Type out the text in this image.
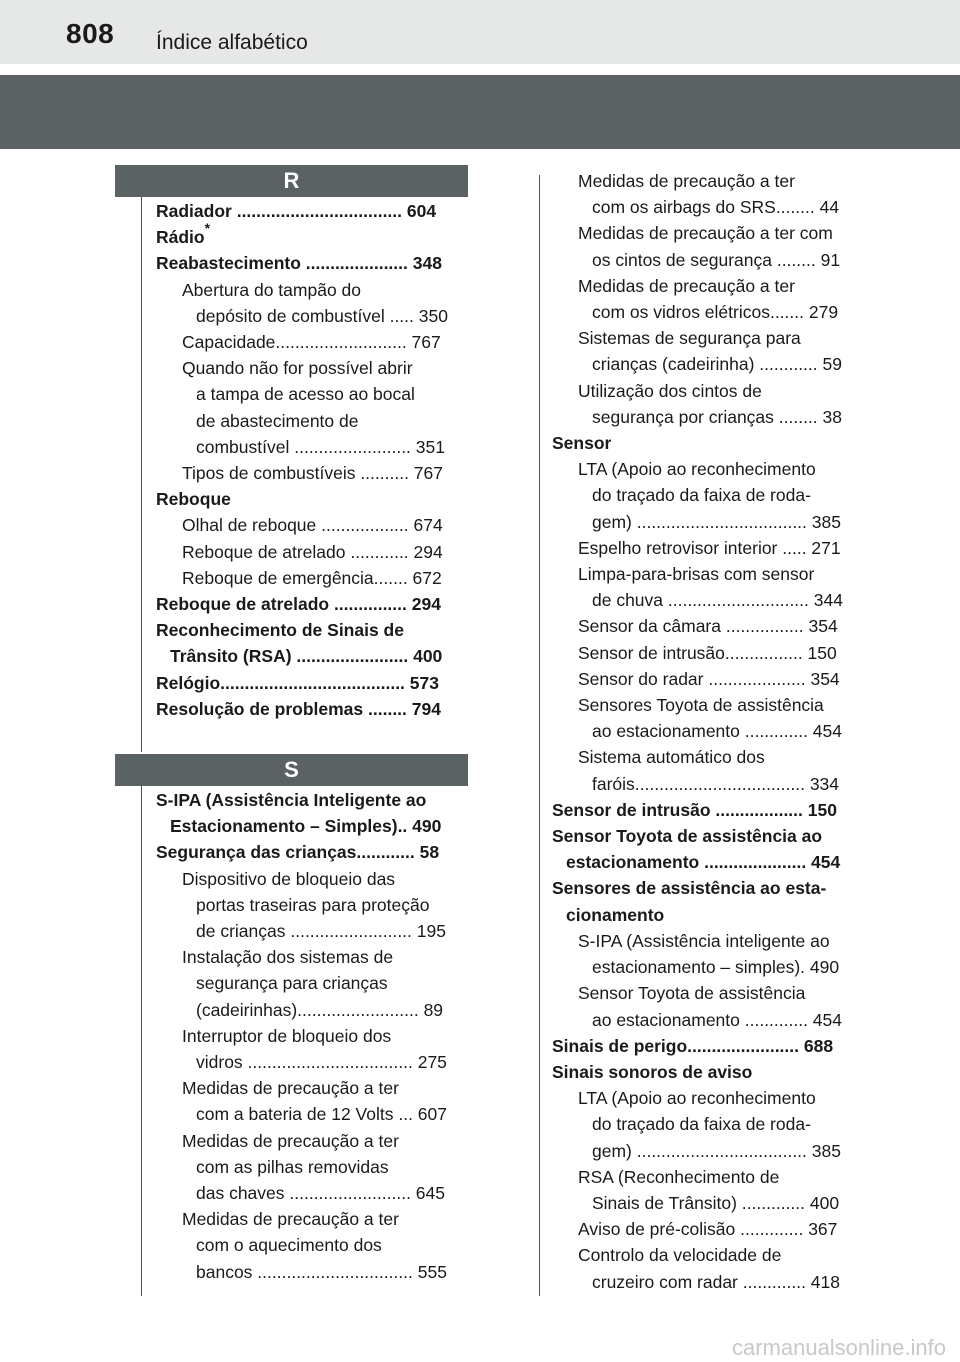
808 Índice alfabético
R
S
Radiador .................................. 604
Rádio*
Reabastecimento ..................... 348
Abertura do tampão do
depósito de combustível ..... 350
Capacidade........................... 767
Quando não for possível abrir
a tampa de acesso ao bocal
de abastecimento de
combustível ........................ 351
Tipos de combustíveis .......... 767
Reboque
Olhal de reboque .................. 674
Reboque de atrelado ............ 294
Reboque de emergência....... 672
Reboque de atrelado ............... 294
Reconhecimento de Sinais de
Trânsito (RSA) ....................... 400
Relógio...................................... 573
Resolução de problemas ........ 794
S-IPA (Assistência Inteligente ao
Estacionamento – Simples).. 490
Segurança das crianças............ 58
Dispositivo de bloqueio das
portas traseiras para proteção
de crianças ......................... 195
Instalação dos sistemas de
segurança para crianças
(cadeirinhas)......................... 89
Interruptor de bloqueio dos
vidros .................................. 275
Medidas de precaução a ter
com a bateria de 12 Volts ... 607
Medidas de precaução a ter
com as pilhas removidas
das chaves ......................... 645
Medidas de precaução a ter
com o aquecimento dos
bancos ................................ 555
Medidas de precaução a ter
com os airbags do SRS........ 44
Medidas de precaução a ter com
os cintos de segurança ........ 91
Medidas de precaução a ter
com os vidros elétricos....... 279
Sistemas de segurança para
crianças (cadeirinha) ............ 59
Utilização dos cintos de
segurança por crianças ........ 38
Sensor
LTA (Apoio ao reconhecimento
do traçado da faixa de roda-
gem) ................................... 385
Espelho retrovisor interior ..... 271
Limpa-para-brisas com sensor
de chuva ............................. 344
Sensor da câmara ................ 354
Sensor de intrusão................ 150
Sensor do radar .................... 354
Sensores Toyota de assistência
ao estacionamento ............. 454
Sistema automático dos
faróis................................... 334
Sensor de intrusão .................. 150
Sensor Toyota de assistência ao
estacionamento ..................... 454
Sensores de assistência ao esta-
cionamento
S-IPA (Assistência inteligente ao
estacionamento – simples). 490
Sensor Toyota de assistência
ao estacionamento ............. 454
Sinais de perigo....................... 688
Sinais sonoros de aviso
LTA (Apoio ao reconhecimento
do traçado da faixa de roda-
gem) ................................... 385
RSA (Reconhecimento de
Sinais de Trânsito) ............. 400
Aviso de pré-colisão ............. 367
Controlo da velocidade de
cruzeiro com radar ............. 418
carmanualsonline.info
